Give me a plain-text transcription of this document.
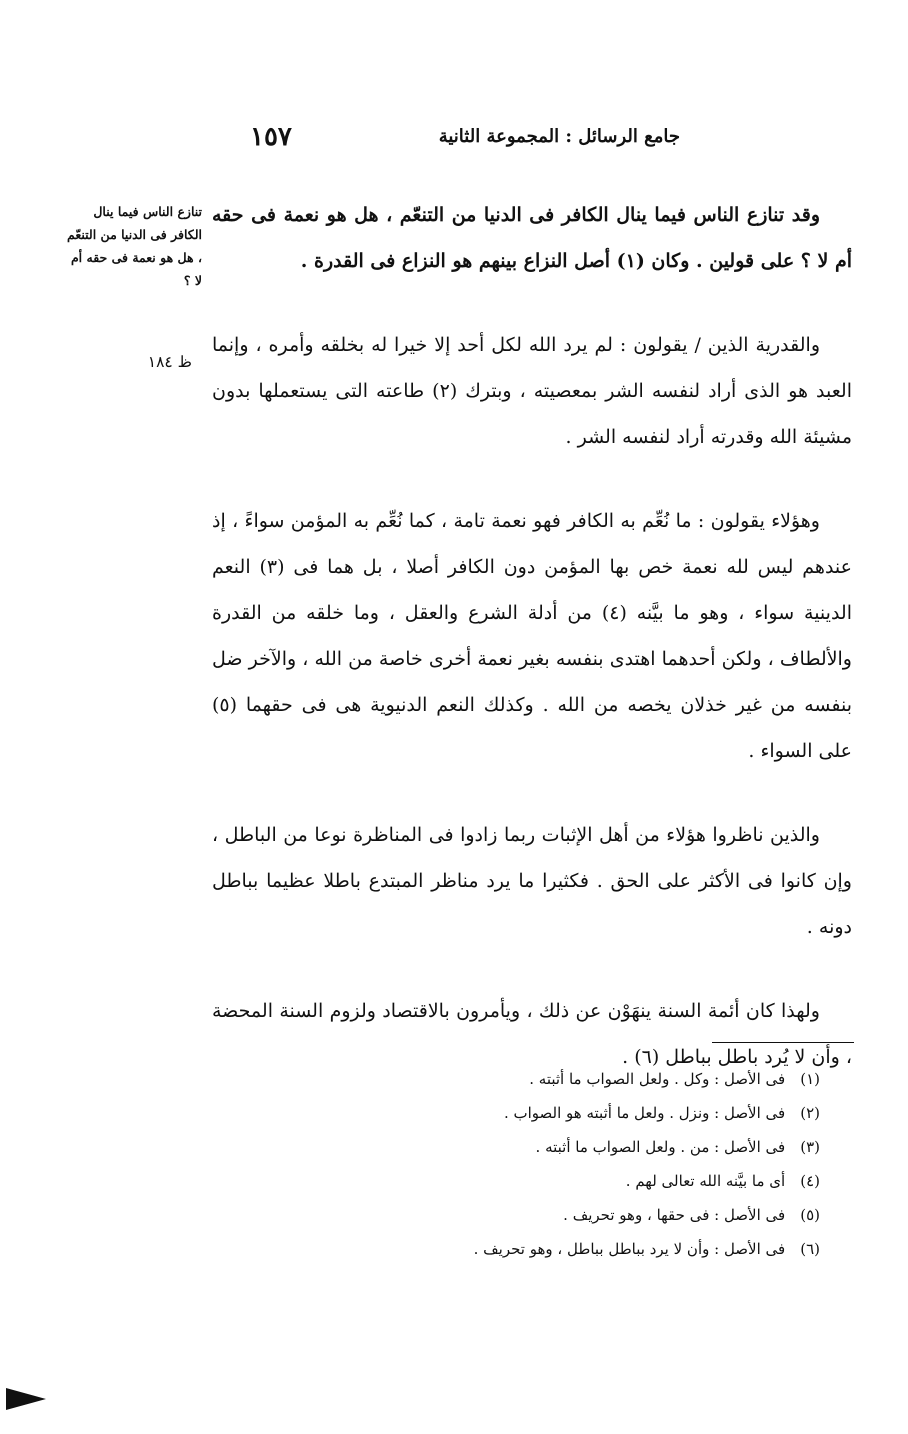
جامع الرسائل : المجموعة الثانية
١٥٧
تنازع الناس فيما ينال الكافر فى الدنيا من التنعّم ، هل هو نعمة فى حقه أم لا ؟
ظ ١٨٤

وقد تنازع الناس فيما ينال الكافر فى الدنيا من التنعّم ، هل هو نعمة فى حقه أم لا ؟ على قولين . وكان (١) أصل النزاع بينهم هو النزاع فى القدرة .

والقدرية الذين / يقولون : لم يرد الله لكل أحد إلا خيرا له بخلقه وأمره ، وإنما العبد هو الذى أراد لنفسه الشر بمعصيته ، وبترك (٢) طاعته التى يستعملها بدون مشيئة الله وقدرته أراد لنفسه الشر .

وهؤلاء يقولون : ما نُعِّم به الكافر فهو نعمة تامة ، كما نُعِّم به المؤمن سواءً ، إذ عندهم ليس لله نعمة خص بها المؤمن دون الكافر أصلا ، بل هما فى (٣) النعم الدينية سواء ، وهو ما بيَّنه (٤) من أدلة الشرع والعقل ، وما خلقه من القدرة والألطاف ، ولكن أحدهما اهتدى بنفسه بغير نعمة أخرى خاصة من الله ، والآخر ضل بنفسه من غير خذلان يخصه من الله . وكذلك النعم الدنيوية هى فى حقهما (٥) على السواء .

والذين ناظروا هؤلاء من أهل الإثبات ربما زادوا فى المناظرة نوعا من الباطل ، وإن كانوا فى الأكثر على الحق . فكثيرا ما يرد مناظر المبتدع باطلا عظيما بباطل دونه .

ولهذا كان أئمة السنة ينهَوْن عن ذلك ، ويأمرون بالاقتصاد ولزوم السنة المحضة ، وأن لا يُرد باطل بباطل (٦) .

(١) فى الأصل : وكل . ولعل الصواب ما أثبته .
(٢) فى الأصل : ونزل . ولعل ما أثبته هو الصواب .
(٣) فى الأصل : من . ولعل الصواب ما أثبته .
(٤) أى ما بيَّنه الله تعالى لهم .
(٥) فى الأصل : فى حقها ، وهو تحريف .
(٦) فى الأصل : وأن لا يرد بباطل بباطل ، وهو تحريف .
